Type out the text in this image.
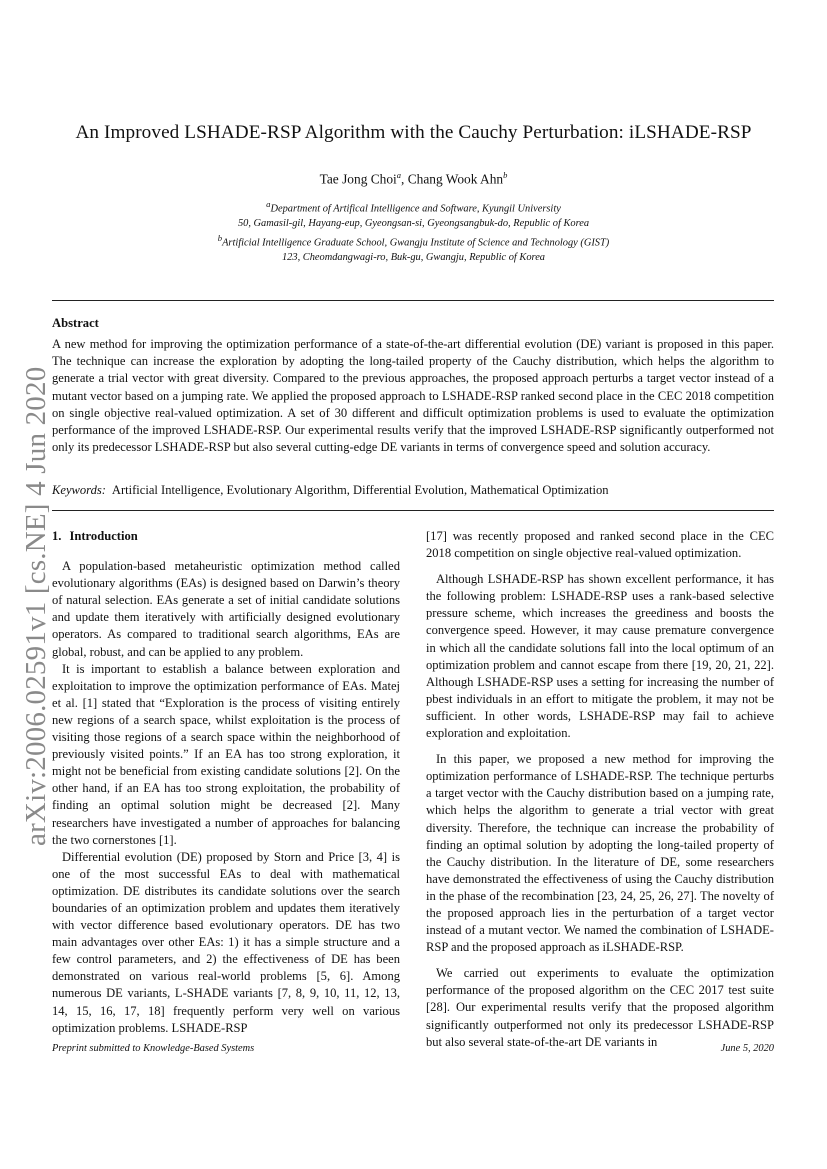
arXiv:2006.02591v1 [cs.NE] 4 Jun 2020
An Improved LSHADE-RSP Algorithm with the Cauchy Perturbation: iLSHADE-RSP
Tae Jong Choi$^a$, Chang Wook Ahn$^b$
$^a$Department of Artifical Intelligence and Software, Kyungil University
50, Gamasil-gil, Hayang-eup, Gyeongsan-si, Gyeongsangbuk-do, Republic of Korea
$^b$Artificial Intelligence Graduate School, Gwangju Institute of Science and Technology (GIST)
123, Cheomdangwagi-ro, Buk-gu, Gwangju, Republic of Korea
Abstract
A new method for improving the optimization performance of a state-of-the-art differential evolution (DE) variant is proposed in this paper. The technique can increase the exploration by adopting the long-tailed property of the Cauchy distribution, which helps the algorithm to generate a trial vector with great diversity. Compared to the previous approaches, the proposed approach perturbs a target vector instead of a mutant vector based on a jumping rate. We applied the proposed approach to LSHADE-RSP ranked second place in the CEC 2018 competition on single objective real-valued optimization. A set of 30 different and difficult optimization problems is used to evaluate the optimization performance of the improved LSHADE-RSP. Our experimental results verify that the improved LSHADE-RSP significantly outperformed not only its predecessor LSHADE-RSP but also several cutting-edge DE variants in terms of convergence speed and solution accuracy.
Keywords: Artificial Intelligence, Evolutionary Algorithm, Differential Evolution, Mathematical Optimization
1. Introduction

A population-based metaheuristic optimization method called evolutionary algorithms (EAs) is designed based on Darwin’s theory of natural selection. EAs generate a set of initial candidate solutions and update them iteratively with artificially designed evolutionary operators. As compared to traditional search algorithms, EAs are global, robust, and can be applied to any problem.

It is important to establish a balance between exploration and exploitation to improve the optimization performance of EAs. Matej et al. [1] stated that “Exploration is the process of visiting entirely new regions of a search space, whilst exploitation is the process of visiting those regions of a search space within the neighborhood of previously visited points.” If an EA has too strong exploration, it might not be beneficial from existing candidate solutions [2]. On the other hand, if an EA has too strong exploitation, the probability of finding an optimal solution might be decreased [2]. Many researchers have investigated a number of approaches for balancing the two cornerstones [1].

Differential evolution (DE) proposed by Storn and Price [3, 4] is one of the most successful EAs to deal with mathematical optimization. DE distributes its candidate solutions over the search boundaries of an optimization problem and updates them iteratively with vector difference based evolutionary operators. DE has two main advantages over other EAs: 1) it has a simple structure and a few control parameters, and 2) the effectiveness of DE has been demonstrated on various real-world problems [5, 6]. Among numerous DE variants, L-SHADE variants [7, 8, 9, 10, 11, 12, 13, 14, 15, 16, 17, 18] frequently perform very well on various optimization problems. LSHADE-RSP

[17] was recently proposed and ranked second place in the CEC 2018 competition on single objective real-valued optimization.

Although LSHADE-RSP has shown excellent performance, it has the following problem: LSHADE-RSP uses a rank-based selective pressure scheme, which increases the greediness and boosts the convergence speed. However, it may cause premature convergence in which all the candidate solutions fall into the local optimum of an optimization problem and cannot escape from there [19, 20, 21, 22]. Although LSHADE-RSP uses a setting for increasing the number of pbest individuals in an effort to mitigate the problem, it may not be sufficient. In other words, LSHADE-RSP may fail to achieve exploration and exploitation.

In this paper, we proposed a new method for improving the optimization performance of LSHADE-RSP. The technique perturbs a target vector with the Cauchy distribution based on a jumping rate, which helps the algorithm to generate a trial vector with great diversity. Therefore, the technique can increase the probability of finding an optimal solution by adopting the long-tailed property of the Cauchy distribution. In the literature of DE, some researchers have demonstrated the effectiveness of using the Cauchy distribution in the phase of the recombination [23, 24, 25, 26, 27]. The novelty of the proposed approach lies in the perturbation of a target vector instead of a mutant vector. We named the combination of LSHADE-RSP and the proposed approach as iLSHADE-RSP.

We carried out experiments to evaluate the optimization performance of the proposed algorithm on the CEC 2017 test suite [28]. Our experimental results verify that the proposed algorithm significantly outperformed not only its predecessor LSHADE-RSP but also several state-of-the-art DE variants in

Preprint submitted to Knowledge-Based Systems	June 5, 2020
